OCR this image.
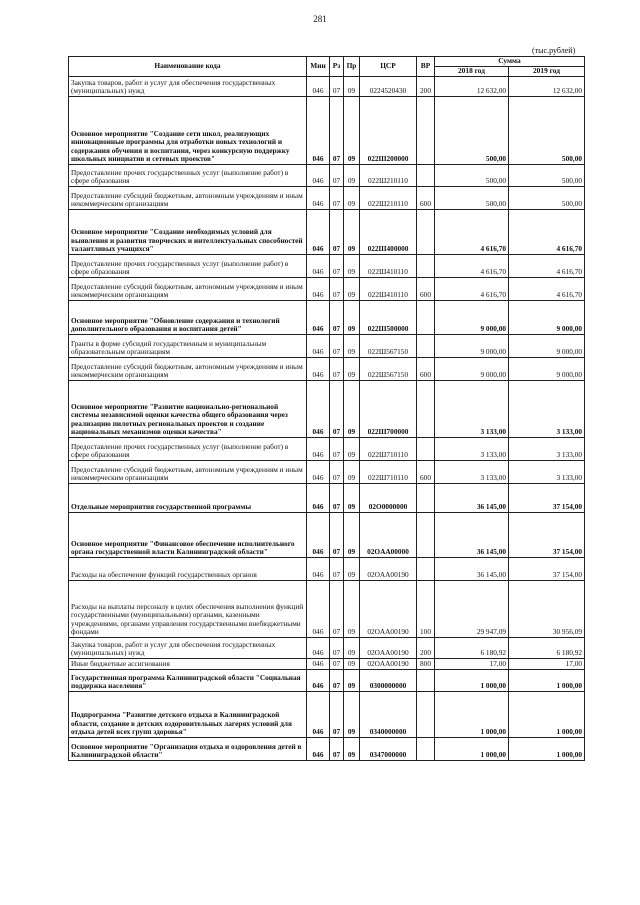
281
(тыс.рублей)
Наименование кода	Мин	Рз	Пр	ЦСР	ВР	Сумма	
						2018 год	2019 год
Закупка товаров, работ и услуг для обеспечения государственных (муниципальных) нужд	046	07	09	0224520430	200	12 632,00	12 632,00
Основное мероприятие "Создание сети школ, реализующих инновационные программы для отработки новых технологий и содержания обучения и воспитания, через конкурсную поддержку школьных инициатив и сетевых проектов"	046	07	09	022Ш200000		500,00	500,00
Предоставление прочих государственных услуг (выполнение работ) в сфере образования	046	07	09	022Ш210110		500,00	500,00
Предоставление субсидий бюджетным, автономным учреждениям и иным некоммерческим организациям	046	07	09	022Ш210110	600	500,00	500,00
Основное мероприятие "Создание необходимых условий для выявления и развития творческих и интеллектуальных способностей талантливых учащихся"	046	07	09	022Ш400000		4 616,70	4 616,70
Предоставление прочих государственных услуг (выполнение работ) в сфере образования	046	07	09	022Ш410110		4 616,70	4 616,70
Предоставление субсидий бюджетным, автономным учреждениям и иным некоммерческим организациям	046	07	09	022Ш410110	600	4 616,70	4 616,70
Основное мероприятие "Обновление содержания и технологий дополнительного образования и воспитания детей"	046	07	09	022Ш500000		9 000,00	9 000,00
Гранты в форме субсидий государственным и муниципальным образовательным организациям	046	07	09	022Ш567150		9 000,00	9 000,00
Предоставление субсидий бюджетным, автономным учреждениям и иным некоммерческим организациям	046	07	09	022Ш567150	600	9 000,00	9 000,00
Основное мероприятие "Развитие национально-региональной системы независимой оценки качества общего образования через реализацию пилотных региональных проектов и создание национальных механизмов оценки качества"	046	07	09	022Ш700000		3 133,00	3 133,00
Предоставление прочих государственных услуг (выполнение работ) в сфере образования	046	07	09	022Ш710110		3 133,00	3 133,00
Предоставление субсидий бюджетным, автономным учреждениям и иным некоммерческим организациям	046	07	09	022Ш710110	600	3 133,00	3 133,00
Отдельные мероприятия государственной программы	046	07	09	02O0000000		36 145,00	37 154,00
Основное мероприятие "Финансовое обеспечение исполнительного органа государственной власти Калининградской области"	046	07	09	02OAA00000		36 145,00	37 154,00
Расходы на обеспечение функций государственных органов	046	07	09	02OAA00190		36 145,00	37 154,00
Расходы на выплаты персоналу в целях обеспечения выполнения функций государственными (муниципальными) органами, казенными учреждениями, органами управления государственными внебюджетными фондами	046	07	09	02OAA00190	100	29 947,09	30 956,09
Закупка товаров, работ и услуг для обеспечения государственных (муниципальных) нужд	046	07	09	02OAA00190	200	6 180,92	6 180,92
Иные бюджетные ассигнования	046	07	09	02OAA00190	800	17,00	17,00
Государственная программа Калининградской области "Социальная поддержка населения"	046	07	09	0300000000		1 000,00	1 000,00
Подпрограмма "Развитие детского отдыха в Калининградской области, создание в детских оздоровительных лагерях условий для отдыха детей всех групп здоровья"	046	07	09	0340000000		1 000,00	1 000,00
Основное мероприятие "Организация отдыха и оздоровления детей в Калининградской области"	046	07	09	0347000000		1 000,00	1 000,00
